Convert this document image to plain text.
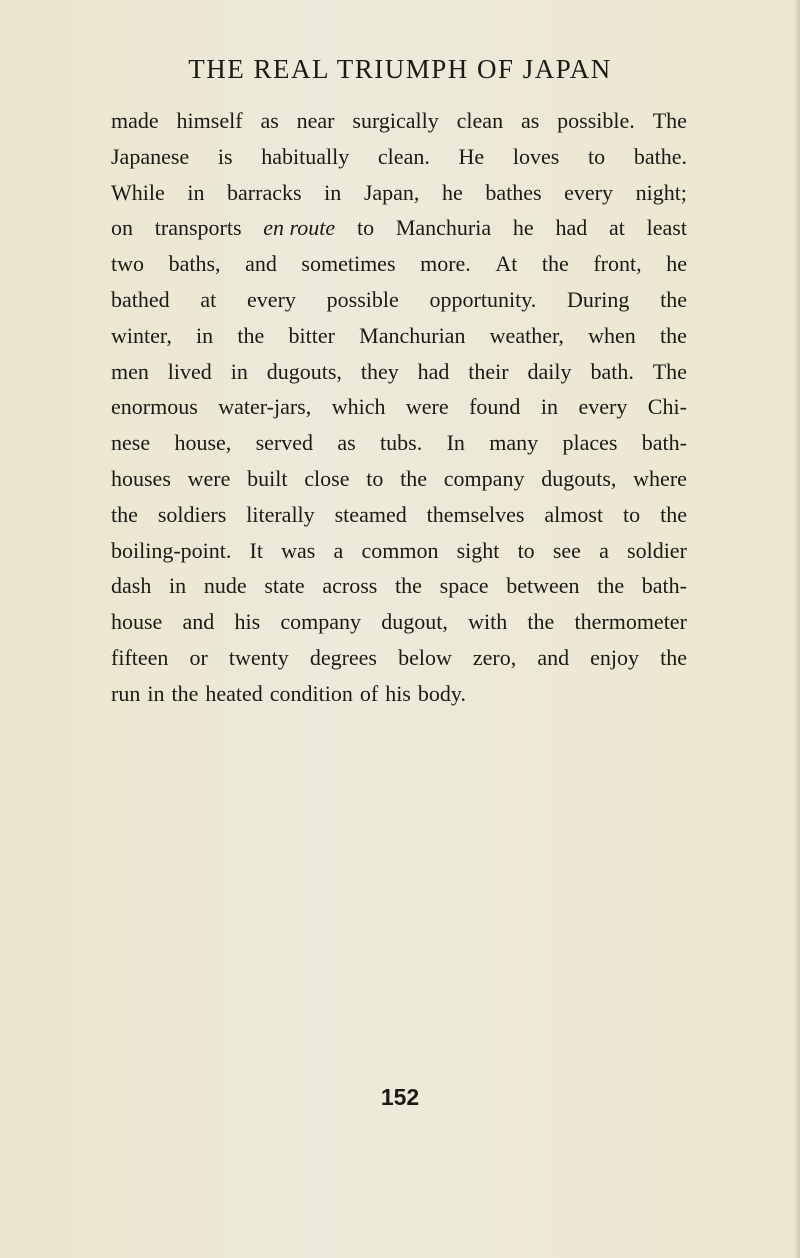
THE REAL TRIUMPH OF JAPAN
made himself as near surgically clean as possible. The
Japanese is habitually clean. He loves to bathe.
While in barracks in Japan, he bathes every night;
on transports en route to Manchuria he had at least
two baths, and sometimes more. At the front, he
bathed at every possible opportunity. During the
winter, in the bitter Manchurian weather, when the
men lived in dugouts, they had their daily bath. The
enormous water-jars, which were found in every Chi-
nese house, served as tubs. In many places bath-
houses were built close to the company dugouts, where
the soldiers literally steamed themselves almost to the
boiling-point. It was a common sight to see a soldier
dash in nude state across the space between the bath-
house and his company dugout, with the thermometer
fifteen or twenty degrees below zero, and enjoy the
run in the heated condition of his body.
152
